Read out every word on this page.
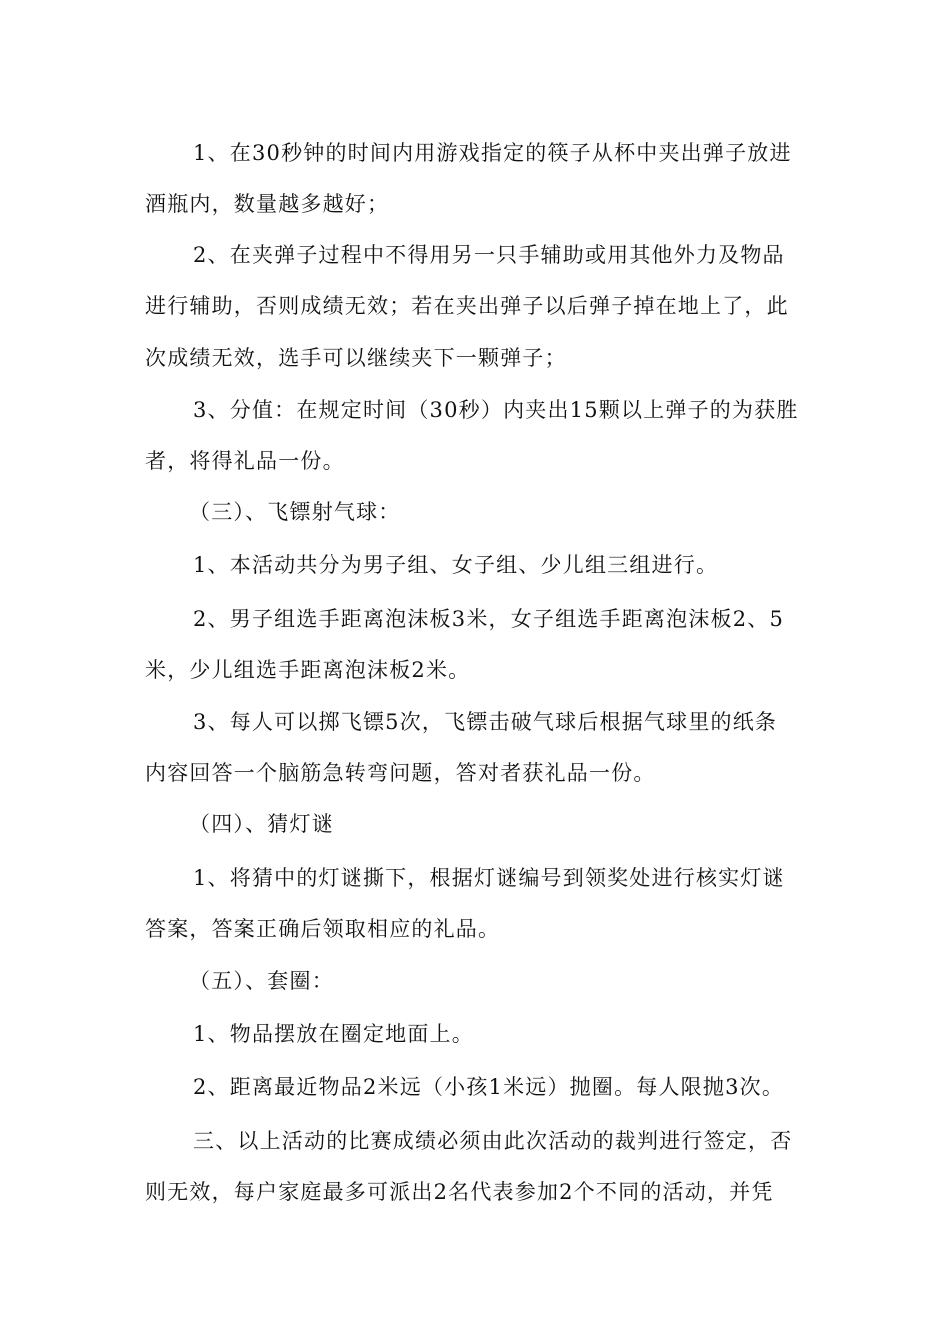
1、在30秒钟的时间内用游戏指定的筷子从杯中夹出弹子放进
酒瓶内，数量越多越好；
2、在夹弹子过程中不得用另一只手辅助或用其他外力及物品
进行辅助，否则成绩无效；若在夹出弹子以后弹子掉在地上了，此
次成绩无效，选手可以继续夹下一颗弹子；
3、分值：在规定时间（30秒）内夹出15颗以上弹子的为获胜
者，将得礼品一份。
（三）、飞镖射气球：
1、本活动共分为男子组、女子组、少儿组三组进行。
2、男子组选手距离泡沫板3米，女子组选手距离泡沫板2、5
米，少儿组选手距离泡沫板2米。
3、每人可以掷飞镖5次，飞镖击破气球后根据气球里的纸条
内容回答一个脑筋急转弯问题，答对者获礼品一份。
（四）、猜灯谜
1、将猜中的灯谜撕下，根据灯谜编号到领奖处进行核实灯谜
答案，答案正确后领取相应的礼品。
（五）、套圈：
1、物品摆放在圈定地面上。
2、距离最近物品2米远（小孩1米远）抛圈。每人限抛3次。
三、以上活动的比赛成绩必须由此次活动的裁判进行签定，否
则无效，每户家庭最多可派出2名代表参加2个不同的活动，并凭
